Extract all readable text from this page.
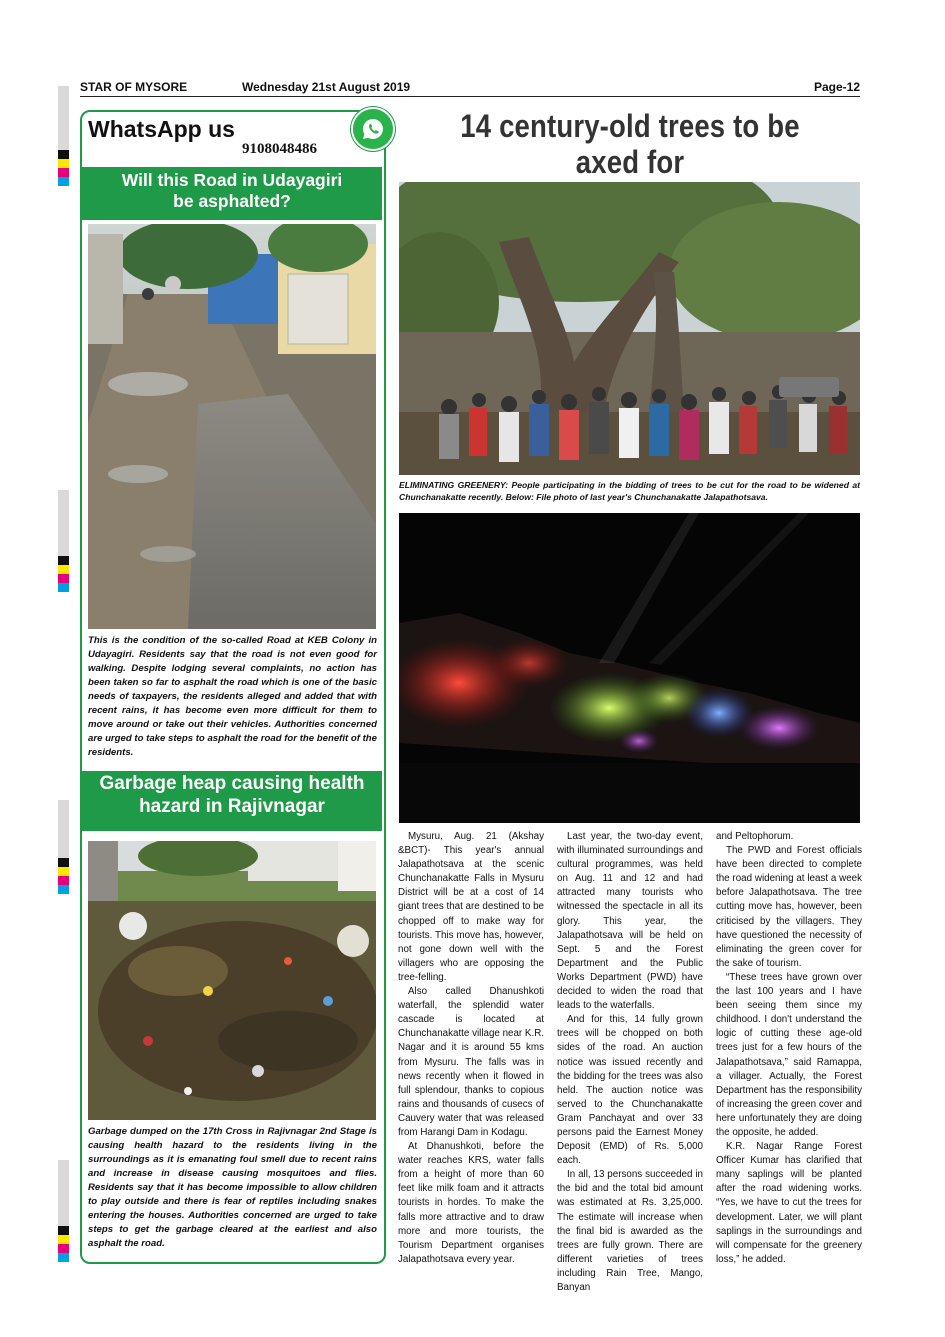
STAR OF MYSORE	Wednesday 21st August 2019	Page-12
WhatsApp us
9108048486
Will this Road in Udayagiri
be asphalted?
This is the condition of the so-called Road at KEB Colony in Udayagiri. Residents say that the road is not even good for walking. Despite lodging several complaints, no action has been taken so far to asphalt the road which is one of the basic needs of taxpayers, the residents alleged and added that with recent rains, it has become even more difficult for them to move around or take out their vehicles. Authorities concerned are urged to take steps to asphalt the road for the benefit of the residents.
Garbage heap causing health
hazard in Rajivnagar
Garbage dumped on the 17th Cross in Rajivnagar 2nd Stage is causing health hazard to the residents living in the surroundings as it is emanating foul smell due to recent rains and increase in disease causing mosquitoes and flies. Residents say that it has become impossible to allow children to play outside and there is fear of reptiles including snakes entering the houses. Authorities concerned are urged to take steps to get the garbage cleared at the earliest and also asphalt the road.
14 century-old trees to be axed for
ELIMINATING GREENERY: People participating in the bidding of trees to be cut for the road to be widened at Chunchanakatte recently. Below: File photo of last year's Chunchanakatte Jalapathotsava.

Mysuru, Aug. 21 (Akshay &BCT)- This year's annual Jalapathotsava at the scenic Chunchanakatte Falls in Mysuru District will be at a cost of 14 giant trees that are destined to be chopped off to make way for tourists. This move has, however, not gone down well with the villagers who are opposing the tree-felling.

Also called Dhanushkoti waterfall, the splendid water cascade is located at Chunchanakatte village near K.R. Nagar and it is around 55 kms from Mysuru. The falls was in news recently when it flowed in full splendour, thanks to copious rains and thousands of cusecs of Cauvery water that was released from Harangi Dam in Kodagu.

At Dhanushkoti, before the water reaches KRS, water falls from a height of more than 60 feet like milk foam and it attracts tourists in hordes. To make the falls more attractive and to draw more and more tourists, the Tourism Department organises Jalapathotsava every year.

Last year, the two-day event, with illuminated surroundings and cultural programmes, was held on Aug. 11 and 12 and had attracted many tourists who witnessed the spectacle in all its glory. This year, the Jalapathotsava will be held on Sept. 5 and the Forest Department and the Public Works Department (PWD) have decided to widen the road that leads to the waterfalls.

And for this, 14 fully grown trees will be chopped on both sides of the road. An auction notice was issued recently and the bidding for the trees was also held. The auction notice was served to the Chunchanakatte Gram Panchayat and over 33 persons paid the Earnest Money Deposit (EMD) of Rs. 5,000 each.

In all, 13 persons succeeded in the bid and the total bid amount was estimated at Rs. 3,25,000. The estimate will increase when the final bid is awarded as the trees are fully grown. There are different varieties of trees including Rain Tree, Mango, Banyan

and Peltophorum.

The PWD and Forest officials have been directed to complete the road widening at least a week before Jalapathotsava. The tree cutting move has, however, been criticised by the villagers. They have questioned the necessity of eliminating the green cover for the sake of tourism.

“These trees have grown over the last 100 years and I have been seeing them since my childhood. I don't understand the logic of cutting these age-old trees just for a few hours of the Jalapathotsava,” said Ramappa, a villager. Actually, the Forest Department has the responsibility of increasing the green cover and here unfortunately they are doing the opposite, he added.

K.R. Nagar Range Forest Officer Kumar has clarified that many saplings will be planted after the road widening works. “Yes, we have to cut the trees for development. Later, we will plant saplings in the surroundings and will compensate for the greenery loss,” he added.
